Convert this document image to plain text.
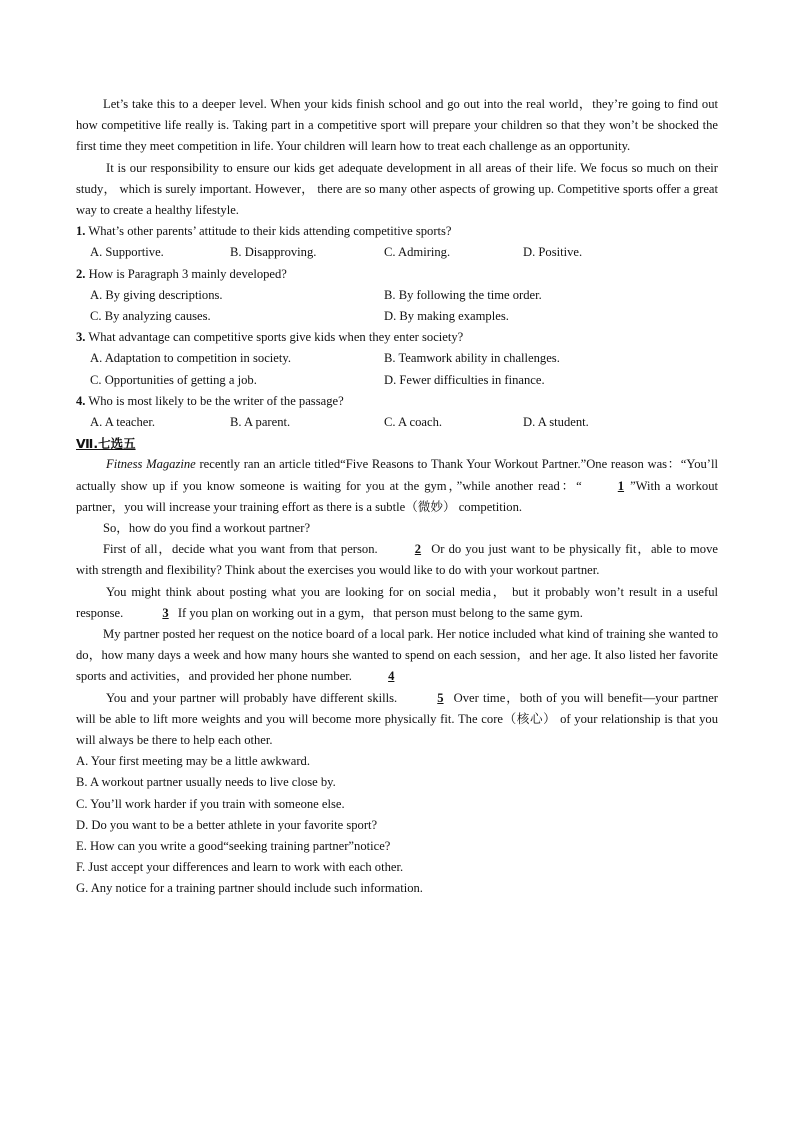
Let’s take this to a deeper level. When your kids finish school and go out into the real world，they’re going to find out how competitive life really is. Taking part in a competitive sport will prepare your children so that they won’t be shocked the first time they meet competition in life. Your children will learn how to treat each challenge as an opportunity.

It is our responsibility to ensure our kids get adequate development in all areas of their life. We focus so much on their study， which is surely important. However， there are so many other aspects of growing up. Competitive sports offer a great way to create a healthy lifestyle.

1. What’s other parents’ attitude to their kids attending competitive sports?

A. Supportive.	B. Disapproving.	C. Admiring.	D. Positive.

2. How is Paragraph 3 mainly developed?

A. By giving descriptions.	B. By following the time order.
C. By analyzing causes.	D. By making examples.

3. What advantage can competitive sports give kids when they enter society?

A. Adaptation to competition in society.	B. Teamwork ability in challenges.
C. Opportunities of getting a job.	D. Fewer difficulties in finance.

4. Who is most likely to be the writer of the passage?

A. A teacher.	B. A parent.	C. A coach.	D. A student.
Ⅶ.七选五

Fitness Magazine recently ran an article titled“Five Reasons to Thank Your Workout Partner.”One reason was：“You’ll actually show up if you know someone is waiting for you at the gym，”while another read：“	1 ”With a workout partner，you will increase your training effort as there is a subtle（微妙） competition.

So，how do you find a workout partner?

First of all，decide what you want from that person.	2 Or do you just want to be physically fit，able to move with strength and flexibility? Think about the exercises you would like to do with your workout partner.

You might think about posting what you are looking for on social media， but it probably won’t result in a useful response.	3 If you plan on working out in a gym，that person must belong to the same gym.

My partner posted her request on the notice board of a local park. Her notice included what kind of training she wanted to do，how many days a week and how many hours she wanted to spend on each session，and her age. It also listed her favorite sports and activities，and provided her phone number.	4

You and your partner will probably have different skills.	5 Over time，both of you will benefit—your partner will be able to lift more weights and you will become more physically fit. The core（核心） of your relationship is that you will always be there to help each other.

A. Your first meeting may be a little awkward.

B. A workout partner usually needs to live close by.

C. You’ll work harder if you train with someone else.

D. Do you want to be a better athlete in your favorite sport?

E. How can you write a good“seeking training partner”notice?

F. Just accept your differences and learn to work with each other.

G. Any notice for a training partner should include such information.
